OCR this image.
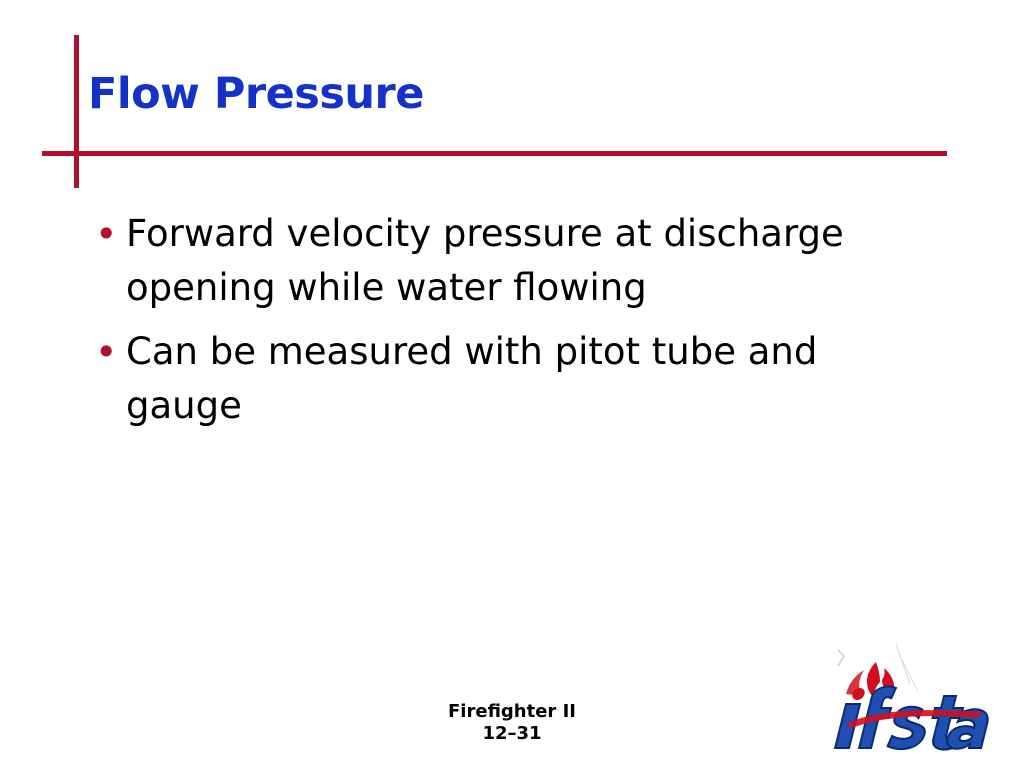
Flow Pressure
• Forward velocity pressure at discharge opening while water flowing
• Can be measured with pitot tube and gauge
Firefighter II
12–31
